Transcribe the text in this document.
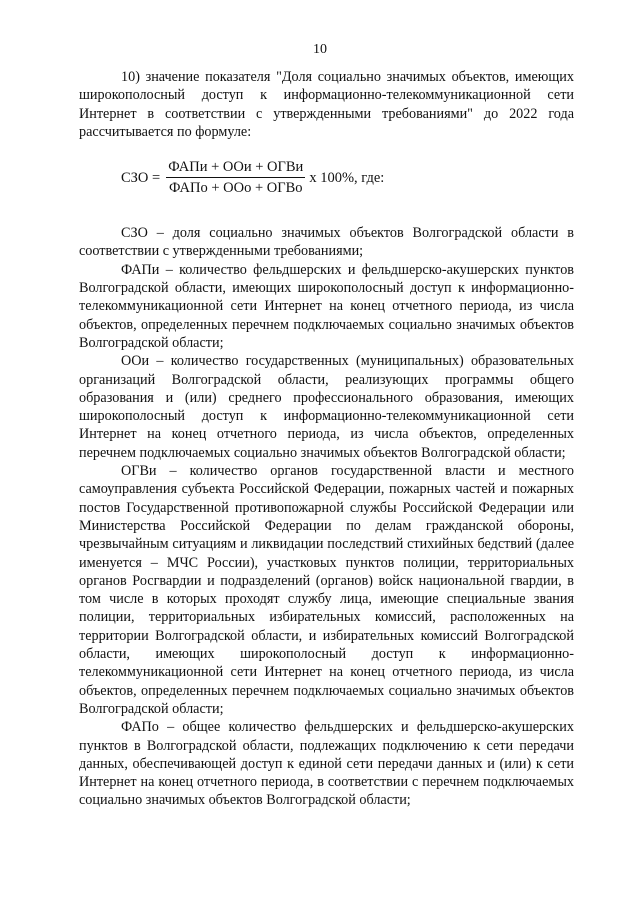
10

10) значение показателя "Доля социально значимых объектов, имеющих широкополосный доступ к информационно-телекоммуникационной сети Интернет в соответствии с утвержденными требованиями" до 2022 года рассчитывается по формуле:

СЗО = $\frac{\text{ФАПи + ООи + ОГВи}}{\text{ФАПо + ООо + ОГВо}}$ х 100%, где:

СЗО – доля социально значимых объектов Волгоградской области в соответствии с утвержденными требованиями;

ФАПи – количество фельдшерских и фельдшерско-акушерских пунктов Волгоградской области, имеющих широкополосный доступ к информационно-телекоммуникационной сети Интернет на конец отчетного периода, из числа объектов, определенных перечнем подключаемых социально значимых объектов Волгоградской области;

ООи – количество государственных (муниципальных) образовательных организаций Волгоградской области, реализующих программы общего образования и (или) среднего профессионального образования, имеющих широкополосный доступ к информационно-телекоммуникационной сети Интернет на конец отчетного периода, из числа объектов, определенных перечнем подключаемых социально значимых объектов Волгоградской области;

ОГВи – количество органов государственной власти и местного самоуправления субъекта Российской Федерации, пожарных частей и пожарных постов Государственной противопожарной службы Российской Федерации или Министерства Российской Федерации по делам гражданской обороны, чрезвычайным ситуациям и ликвидации последствий стихийных бедствий (далее именуется – МЧС России), участковых пунктов полиции, территориальных органов Росгвардии и подразделений (органов) войск национальной гвардии, в том числе в которых проходят службу лица, имеющие специальные звания полиции, территориальных избирательных комиссий, расположенных на территории Волгоградской области, и избирательных комиссий Волгоградской области, имеющих широкополосный доступ к информационно-телекоммуникационной сети Интернет на конец отчетного периода, из числа объектов, определенных перечнем подключаемых социально значимых объектов Волгоградской области;

ФАПо – общее количество фельдшерских и фельдшерско-акушерских пунктов в Волгоградской области, подлежащих подключению к сети передачи данных, обеспечивающей доступ к единой сети передачи данных и (или) к сети Интернет на конец отчетного периода, в соответствии с перечнем подключаемых социально значимых объектов Волгоградской области;
